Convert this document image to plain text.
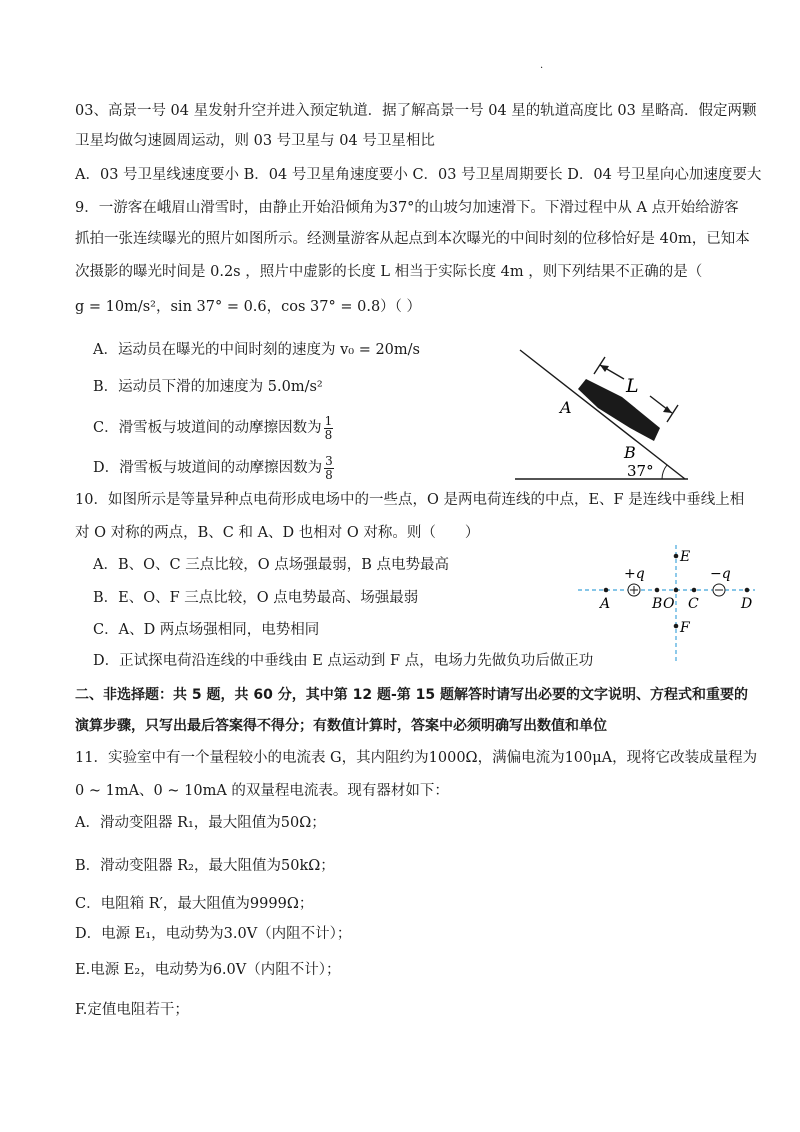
.
03、高景一号 04 星发射升空并进入预定轨道．据了解高景一号 04 星的轨道高度比 03 星略高．假定两颗
卫星均做匀速圆周运动，则 03 号卫星与 04 号卫星相比
A．03 号卫星线速度要小 B．04 号卫星角速度要小 C．03 号卫星周期要长 D．04 号卫星向心加速度要大
9．一游客在峨眉山滑雪时，由静止开始沿倾角为37°的山坡匀加速滑下。下滑过程中从 A 点开始给游客
抓拍一张连续曝光的照片如图所示。经测量游客从起点到本次曝光的中间时刻的位移恰好是 40m，已知本
次摄影的曝光时间是 0.2s ，照片中虚影的长度 L 相当于实际长度 4m ，则下列结果不正确的是（
g = 10m/s²，sin 37° = 0.6，cos 37° = 0.8）（ ）
A．运动员在曝光的中间时刻的速度为 v₀ = 20m/s
B．运动员下滑的加速度为 5.0m/s²
C．滑雪板与坡道间的动摩擦因数为 $\frac{1}{8}$
D．滑雪板与坡道间的动摩擦因数为 $\frac{3}{8}$
L
A
B
37°
10．如图所示是等量异种点电荷形成电场中的一些点，O 是两电荷连线的中点，E、F 是连线中垂线上相
对 O 对称的两点，B、C 和 A、D 也相对 O 对称。则（　　）
A．B、O、C 三点比较，O 点场强最弱，B 点电势最高
B．E、O、F 三点比较，O 点电势最高、场强最弱
C．A、D 两点场强相同，电势相同
D．正试探电荷沿连线的中垂线由 E 点运动到 F 点，电场力先做负功后做正功
+q	−q
E
F
A	B O C	D
二、非选择题：共 5 题，共 60 分，其中第 12 题-第 15 题解答时请写出必要的文字说明、方程式和重要的
演算步骤，只写出最后答案得不得分；有数值计算时，答案中必须明确写出数值和单位
11．实验室中有一个量程较小的电流表 G，其内阻约为1000Ω，满偏电流为100μA，现将它改装成量程为
0 ~ 1mA、0 ~ 10mA 的双量程电流表。现有器材如下：
A．滑动变阻器 R₁，最大阻值为50Ω；
B．滑动变阻器 R₂，最大阻值为50kΩ；
C．电阻箱 R′，最大阻值为9999Ω；
D．电源 E₁，电动势为3.0V（内阻不计）；
E.电源 E₂，电动势为6.0V（内阻不计）；
F.定值电阻若干；
